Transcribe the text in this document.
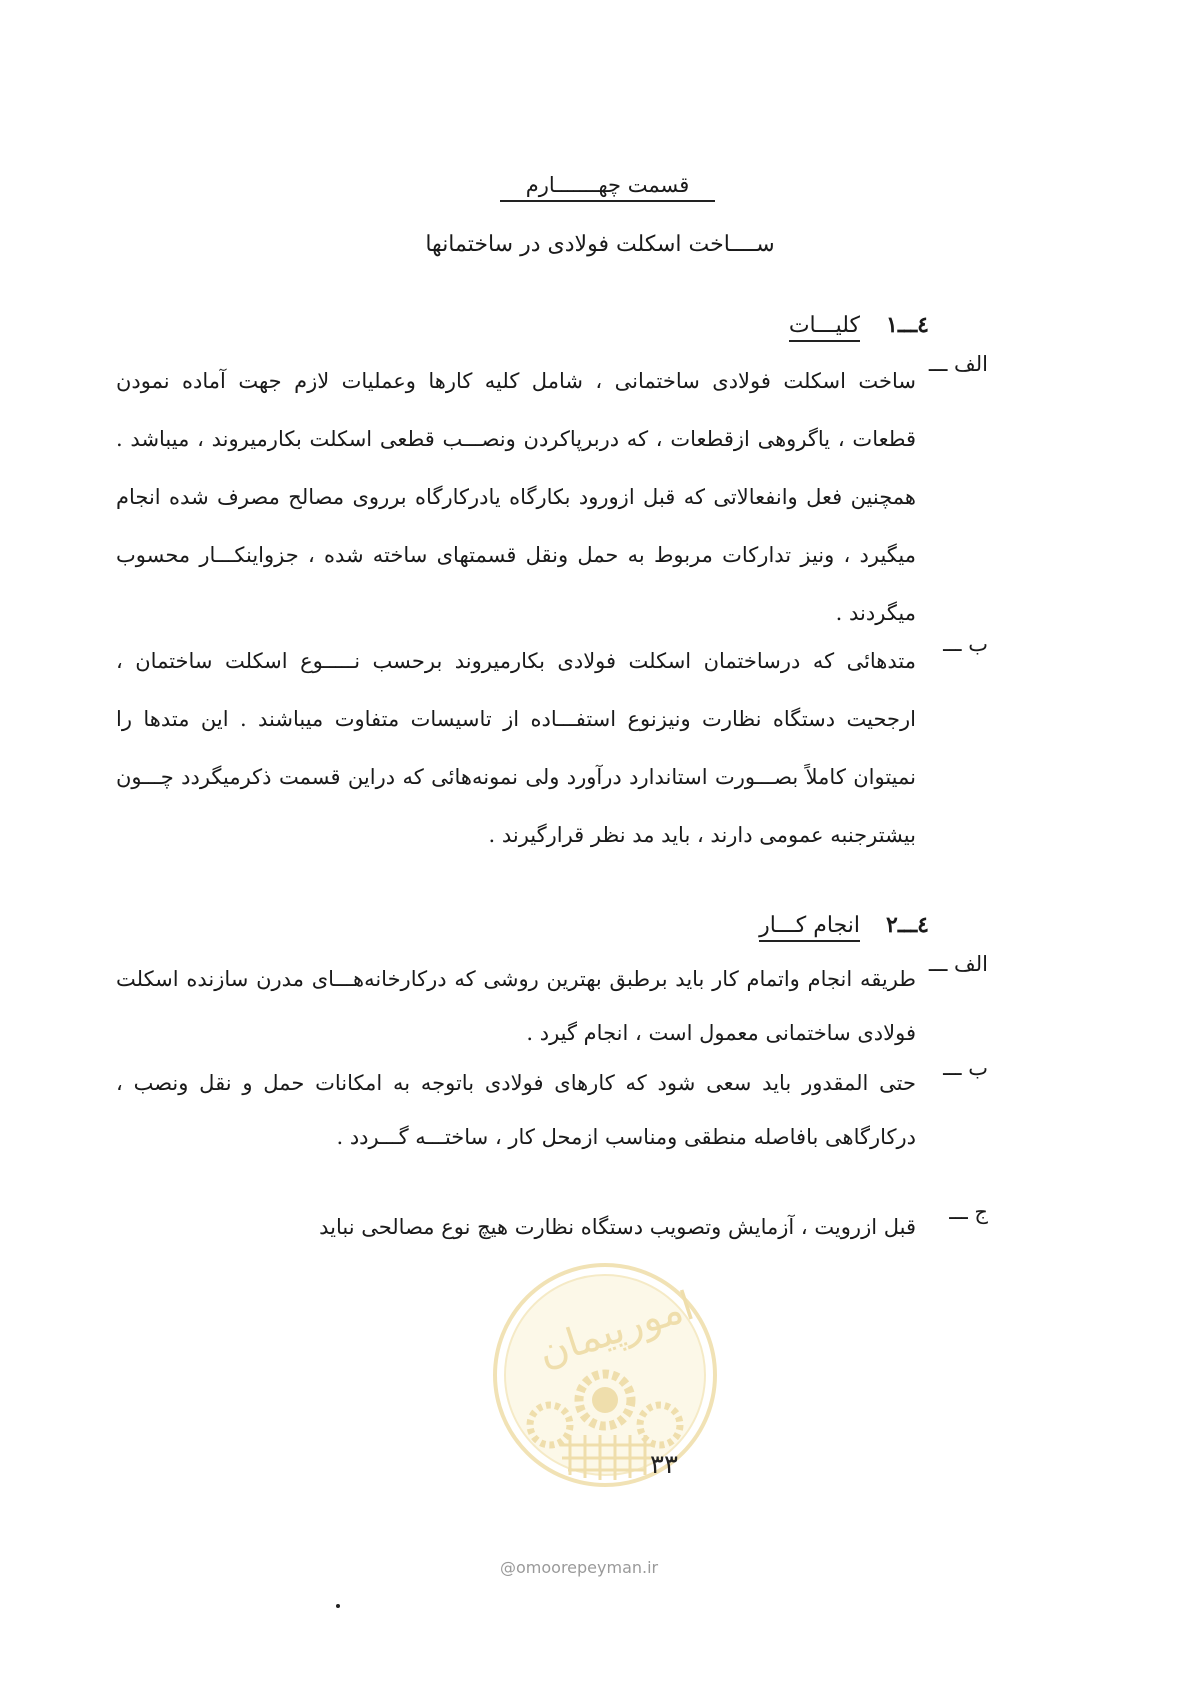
قسمت چهـــــــارم
ســــاخت اسکلت فولادی در ساختمانها
٤ـــ١
کلیـــات
الف ـــ
ساخت اسکلت فولادی ساختمانی ، شامل کلیه کارها وعملیات لازم جهت آماده نمودن قطعات ، یاگروهی ازقطعات ، که دربرپاکردن ونصـــب قطعی اسکلت بکارمیروند ، میباشد . همچنین فعل وانفعالاتی که قبل ازورود بکارگاه یادرکارگاه برروی مصالح مصرف شده انجام میگیرد ، ونیز تدارکات مربوط به حمل ونقل قسمتهای ساخته شده ، جزواینکـــار محسوب میگردند .
ب ـــ
متدهائی که درساختمان اسکلت فولادی بکارمیروند برحسب نـــــوع اسکلت ساختمان ، ارجحیت دستگاه نظارت ونیزنوع استفـــاده از تاسیسات متفاوت میباشند . این متدها را نمیتوان کاملاً بصـــورت استاندارد درآورد ولی نمونه‌هائی که دراین قسمت ذکرمیگردد چـــون بیشترجنبه عمومی دارند ، باید مد نظر قرارگیرند .
٤ـــ٢
انجام کـــار
الف ـــ
طریقه انجام واتمام کار باید برطبق بهترین روشی که درکارخانه‌هـــای مدرن سازنده اسکلت فولادی ساختمانی معمول است ، انجام گیرد .
ب ـــ
حتی المقدور باید سعی شود که کارهای فولادی باتوجه به امکانات حمل و نقل ونصب ، درکارگاهی بافاصله منطقی ومناسب ازمحل کار ، ساختـــه گـــردد .
ج ـــ
قبل ازرویت ، آزمایش وتصویب دستگاه نظارت هیچ نوع مصالحی نباید
امورپیمان
۳۳
@omoorepeyman.ir
